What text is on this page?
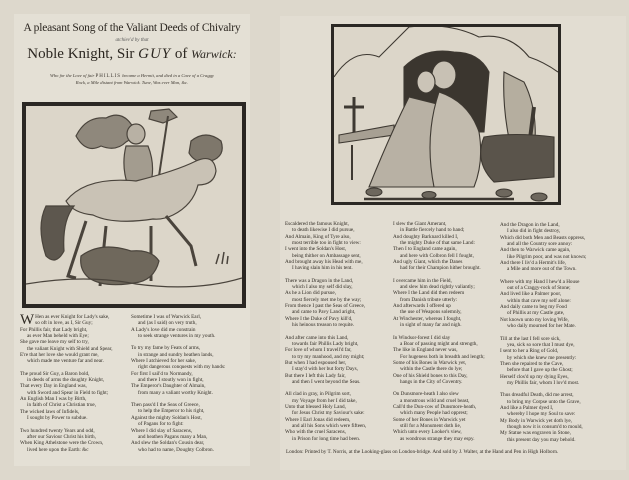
A pleasant Song of the Valiant Deeds of Chivalry
atchiev'd by that
Noble Knight, Sir GUY of Warwick:
Who for the Love of fair PHILLIS became a Hermit, and died in a Cave of a Craggy
Rock, a Mile distant from Warwick. Tune, Was ever Man, &c.
W Hen as ever Knight for Lady's sake,
so oft in love, as I, Sir Guy;
For Phillis fair, that Lady bright,
as ever Man beheld with Eye;
She gave me leave my self to try,
the valiant Knight with Shield and Spear,
E're that her love she would grant me,
which made me venture far and near.
The proud Sir Guy, a Baron bold,
in deeds of arms the doughty Knight,
That every Day in England was,
with Sword and Spear in Field to fight;
An English Man I was by Birth,
in faith of Christ a Christian true,
The wicked laws of Infidels,
I sought by Power to subdue.
Two hundred twenty Years and odd,
after our Saviour Christ his birth,
When King Athelstone were the Crown,
lived here upon the Earth: &c
Sometime I was of Warwick Earl,
and (as I said) on very truth,
A Lady's love did me constrain
to seek strange ventures in my youth.
To try my fame by Feats of arms,
in strange and sundry heathen lands,
Where I atchieved for her sake,
right dangerous conquests with my hands:
For first I sail'd to Normandy,
and there I stoutly won in fight,
The Emperor's Daughter of Almain,
from many a valiant worthy Knight.
Then pass'd I the Seas of Greece,
to help the Emperor to his right,
Against the mighty Soldan's Host,
of Pagans for to fight:
Where I did slay of Saracens,
and heathen Pagans many a Man,
And slew the Soldan's Cousin dear,
who had to name, Doughty Colbron.
Escaldered the famous Knight,
to death likewise I did pursue,
And Almain, King of Tyre also,
most terrible too in fight to view:
I went into the Soldan's Host,
being thither on Ambassage sent,
And brought away his Head with me,
I having slain him in his tent.
There was a Dragon in the Land,
which I also my self did slay,
As he a Lion did pursue,
most fiercely met me by the way;
From thence I past the Seas of Greece,
and came to Pavy Land aright,
Where I the Duke of Pavy kill'd,
his heinous treason to requite.
And after came into this Land,
towards fair Phillis Lady bright,
For love of whom I travell'd far,
to try my manhood, and my might;
But when I had espoused her,
I stay'd with her but forty Days,
But there I left this Lady fair,
and then I went beyond the Seas.
All clad in gray, in Pilgrim sort,
my Voyage from her I did take,
Unto that blessed Holy Land,
for Jesus Christ my Saviour's sake:
Where I Earl Jonas did redeem,
and all his Sons which were fifteen,
Who with the cruel Saracens,
in Prison for long time had been.
I slew the Giant Amerant,
in Battle fiercely hand to hand;
And doughty Barknard killed I,
the mighty Duke of that same Land:
Then I to England came again,
and here with Colbron fell I fought,
And ugly Giant, which the Danes
had for their Champion hither brought.
I overcame him in the Field,
and slew him dead rightly valiantly;
Where I the Land did then redeem
from Danish tribute utterly:
And afterwards I offered up
the use of Weapons solemnly,
At Winchester, whereas I fought,
in sight of many far and nigh.
In Windsor-forest I did slay
a Boar of passing might and strength,
The like in England never was,
For hugeness both in breadth and length;
Some of his Bones in Warwick yet,
within the Castle there do lye;
One of his Shield bones to this Day,
hangs in the City of Coventry.
On Dunsmore-heath I also slew
a monstrous wild and cruel beast,
Call'd the Dun-cow of Dunsmore-heath,
which many People had opprest;
Some of her Bones in Warwick yet
still for a Monument doth lie,
Which unto every Looker's view,
as wondrous strange they may espy.
And the Dragon in the Land,
I also did in fight destroy,
Which did both Men and Beasts oppress,
and all the Country sore annoy:
And then to Warwick came again,
like Pilgrim poor, and was not known;
And there I liv'd a Hermit's life,
a Mile and more out of the Town.
Where with my Hand I hew'd a House
out of a Craggy-rock of Stone;
And lived like a Palmer poor,
within that cave my self alone:
And daily came to beg my Food
of Phillis at my Castle gate,
Not known unto my loving Wife,
who daily mourned for her Mate.
Till at the last I fell sore sick,
yea, sick so sore that I must dye,
I sent to her a Ring of Gold,
by which she knew me presently:
Then she repaired to the Cave,
before that I gave up the Ghost;
Herself clos'd up my dying Eyes,
my Phillis fair, whom I lov'd most.
Thus dreadful Death, did me arrest,
to bring my Corpse unto the Grave,
And like a Palmer dyed I,
whereby I hope my Soul to save:
My Body in Warwick yet doth lye,
though now it is consum'd to mould,
My Statue was engraven in Stone,
this present day you may behold.
London: Printed by T. Norris, at the Looking-glass on London-bridge. And sold by J. Walter, at the Hand and Pen in High Holborn.
